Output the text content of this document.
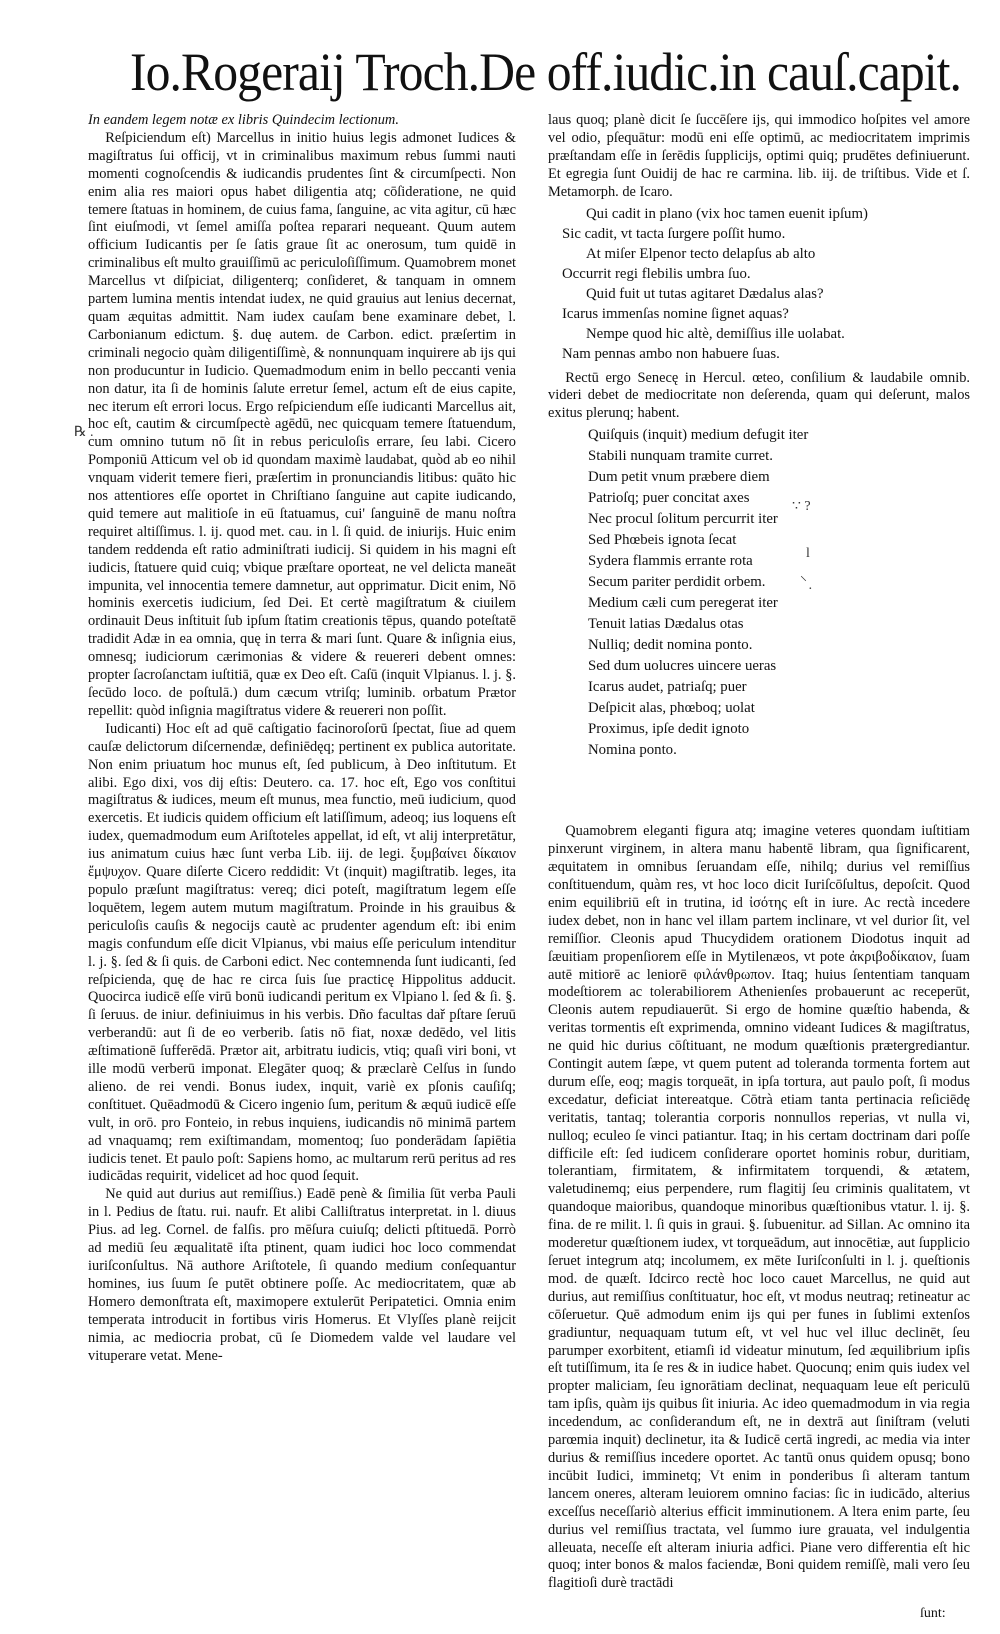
Io.Rogeraij Troch.De off.iudic.in cauſ.capit.

In eandem legem notæ ex libris Quindecim lectionum.

Reſpiciendum eſt) Marcellus in initio huius legis admonet Iudices & magiſtratus ſui officij, vt in criminalibus maximum rebus ſummi nauti momenti cognoſcendis & iudicandis prudentes ſint & circumſpecti. Non enim alia res maiori opus habet diligentia atq; cōſideratione, ne quid temere ſtatuas in hominem, de cuius fama, ſanguine, ac vita agitur, cū hæc ſint eiuſmodi, vt ſemel amiſſa poſtea reparari nequeant. Quum autem officium Iudicantis per ſe ſatis graue ſit ac onerosum, tum quidē in criminalibus eſt multo grauiſſimū ac periculoſiſſimum. Quamobrem monet Marcellus vt diſpiciat, diligenterq; conſideret, & tanquam in omnem partem lumina mentis intendat iudex, ne quid grauius aut lenius decernat, quam æquitas admittit. Nam iudex cauſam bene examinare debet, l. Carbonianum edictum. §. duę autem. de Carbon. edict. præſertim in criminali negocio quàm diligentiſſimè, & nonnunquam inquirere ab ijs qui non producuntur in Iudicio. Quemadmodum enim in bello peccanti venia non datur, ita ſi de hominis ſalute erretur ſemel, actum eſt de eius capite, nec iterum eſt errori locus. Ergo reſpiciendum eſſe iudicanti Marcellus ait, hoc eſt, cautim & circumſpectè agēdū, nec quicquam temere ſtatuendum, cum omnino tutum nō ſit in rebus periculoſis errare, ſeu labi. Cicero Pomponiū Atticum vel ob id quondam maximè laudabat, quòd ab eo nihil vnquam viderit temere fieri, præſertim in pronunciandis litibus: quāto hic nos attentiores eſſe oportet in Chriſtiano ſanguine aut capite iudicando, quid temere aut malitioſe in eū ſtatuamus, cui' ſanguinē de manu noſtra requiret altiſſimus. l. ij. quod met. cau. in l. ſi quid. de iniurijs. Huic enim tandem reddenda eſt ratio adminiſtrati iudicij. Si quidem in his magni eſt iudicis, ſtatuere quid cuiq; vbique præſtare oporteat, ne vel delicta maneāt impunita, vel innocentia temere damnetur, aut opprimatur. Dicit enim, Nō hominis exercetis iudicium, ſed Dei. Et certè magiſtratum & ciuilem ordinauit Deus inſtituit ſub ipſum ſtatim creationis tēpus, quando poteſtatē tradidit Adæ in ea omnia, quę in terra & mari ſunt. Quare & inſignia eius, omnesq; iudiciorum cærimonias & videre & reuereri debent omnes: propter ſacroſanctam iuſtitiā, quæ ex Deo eſt. Caſū (inquit Vlpianus. l. j. §. ſecūdo loco. de poſtulā.) dum cæcum vtriſq; luminib. orbatum Prætor repellit: quòd inſignia magiſtratus videre & reuereri non poſſit.

Iudicanti) Hoc eſt ad quē caſtigatio facinoroſorū ſpectat, ſiue ad quem cauſæ delictorum diſcernendæ, definiēdęq; pertinent ex publica autoritate. Non enim priuatum hoc munus eſt, ſed publicum, à Deo inſtitutum. Et alibi. Ego dixi, vos dij eſtis: Deutero. ca. 17. hoc eſt, Ego vos conſtitui magiſtratus & iudices, meum eſt munus, mea functio, meū iudicium, quod exercetis. Et iudicis quidem officium eſt latiſſimum, adeoq; ius loquens eſt iudex, quemadmodum eum Ariſtoteles appellat, id eſt, vt alij interpretātur, ius animatum cuius hæc ſunt verba Lib. iij. de legi. ξυμβαίνει δίκαιον ἔμψυχον. Quare diſerte Cicero reddidit: Vt (inquit) magiſtratib. leges, ita populo præſunt magiſtratus: vereq; dici poteſt, magiſtratum legem eſſe loquētem, legem autem mutum magiſtratum. Proinde in his grauibus & periculoſis cauſis & negocijs cautè ac prudenter agendum eſt: ibi enim magis confundum eſſe dicit Vlpianus, vbi maius eſſe periculum intenditur l. j. §. ſed & ſi quis. de Carboni edict. Nec contemnenda ſunt iudicanti, ſed reſpicienda, quę de hac re circa ſuis ſue practicę Hippolitus adducit. Quocirca iudicē eſſe virū bonū iudicandi peritum ex Vlpiano l. ſed & ſi. §. ſi ſeruus. de iniur. definiuimus in his verbis. Dño facultas dař pſtare ſeruū verberandū: aut ſi de eo verberib. ſatis nō fiat, noxæ dedēdo, vel litis æſtimationē ſufferēdā. Prætor ait, arbitratu iudicis, vtiq; quaſi viri boni, vt ille modū verberū imponat. Elegāter quoq; & præclarè Celſus in ſundo alieno. de rei vendi. Bonus iudex, inquit, variè ex pſonis cauſiſq; conſtituet. Quēadmodū & Cicero ingenio ſum, peritum & æquū iudicē eſſe vult, in orō. pro Fonteio, in rebus inquiens, iudicandis nō minimā partem ad vnaquamq; rem exiſtimandam, momentoq; ſuo ponderādam ſapiētia iudicis tenet. Et paulo poſt: Sapiens homo, ac multarum rerū peritus ad res iudicādas requirit, videlicet ad hoc quod ſequit.

Ne quid aut durius aut remiſſius.) Eadē penè & ſimilia ſūt verba Pauli in l. Pedius de ſtatu. rui. naufr. Et alibi Calliſtratus interpretat. in l. diuus Pius. ad leg. Cornel. de falſis. pro mēſura cuiuſq; delicti pſtituedā. Porrò ad mediū ſeu æqualitatē iſta ptinent, quam iudici hoc loco commendat iuriſconſultus. Nā authore Ariſtotele, ſi quando medium conſequantur homines, ius ſuum ſe putēt obtinere poſſe. Ac mediocritatem, quæ ab Homero demonſtrata eſt, maximopere extulerūt Peripatetici. Omnia enim temperata introducit in fortibus viris Homerus. Et Vlyſſes planè reijcit nimia, ac mediocria probat, cū ſe Diomedem valde vel laudare vel vituperare vetat. Mene-

laus quoq; planè dicit ſe ſuccēſere ijs, qui immodico hoſpites vel amore vel odio, pſequātur: modū eni eſſe optimū, ac mediocritatem imprimis præſtandam eſſe in ſerēdis ſupplicijs, optimi quiq; prudētes definiuerunt. Et egregia ſunt Ouidij de hac re carmina. lib. iij. de triſtibus. Vide et ſ. Metamorph. de Icaro.

Qui cadit in plano (vix hoc tamen euenit ipſum)
Sic cadit, vt tacta ſurgere poſſit humo.
At miſer Elpenor tecto delapſus ab alto
Occurrit regi flebilis umbra ſuo.
Quid fuit ut tutas agitaret Dædalus alas?
Icarus immenſas nomine ſignet aquas?
Nempe quod hic altè, demiſſius ille uolabat.
Nam pennas ambo non habuere ſuas.

Rectū ergo Senecę in Hercul. œteo, conſilium & laudabile omnib. videri debet de mediocritate non deſerenda, quam qui deſerunt, malos exitus plerunq; habent.

Quiſquis (inquit) medium defugit iter
Stabili nunquam tramite curret.
Dum petit vnum præbere diem
Patrioſq; puer concitat axes
Nec procul ſolitum percurrit iter
Sed Phœbeis ignota ſecat
Sydera flammis errante rota
Secum pariter perdidit orbem.
Medium cæli cum peregerat iter
Tenuit latias Dædalus otas
Nulliq; dedit nomina ponto.
Sed dum uolucres uincere ueras
Icarus audet, patriaſq; puer
Deſpicit alas, phœboq; uolat
Proximus, ipſe dedit ignoto
Nomina ponto.

Quamobrem eleganti figura atq; imagine veteres quondam iuſtitiam pinxerunt virginem, in altera manu habentē libram, qua ſignificarent, æquitatem in omnibus ſeruandam eſſe, nihilq; durius vel remiſſius conſtituendum, quàm res, vt hoc loco dicit Iuriſcōſultus, depoſcit. Quod enim equilibriū eſt in trutina, id ἰσότης eſt in iure. Ac rectà incedere iudex debet, non in hanc vel illam partem inclinare, vt vel durior ſit, vel remiſſior. Cleonis apud Thucydidem orationem Diodotus inquit ad ſæuitiam propenſiorem eſſe in Mytilenæos, vt pote ἀκριβοδίκαιον, ſuam autē mitiorē ac leniorē φιλάνθρωπον. Itaq; huius ſententiam tanquam modeſtiorem ac tolerabiliorem Athenienſes probauerunt ac receperūt, Cleonis autem repudiauerūt. Si ergo de homine quæſtio habenda, & veritas tormentis eſt exprimenda, omnino videant Iudices & magiſtratus, ne quid hic durius cōſtituant, ne modum quæſtionis prætergrediantur. Contingit autem ſæpe, vt quem putent ad toleranda tormenta fortem aut durum eſſe, eoq; magis torqueāt, in ipſa tortura, aut paulo poſt, ſi modus excedatur, deficiat intereatque. Cōtrà etiam tanta pertinacia reſiciēdę veritatis, tantaq; tolerantia corporis nonnullos reperias, vt nulla vi, nulloq; eculeo ſe vinci patiantur. Itaq; in his certam doctrinam dari poſſe difficile eſt: ſed iudicem conſiderare oportet hominis robur, duritiam, tolerantiam, firmitatem, & infirmitatem torquendi, & ætatem, valetudinemq; eius perpendere, rum flagitij ſeu criminis qualitatem, vt quandoque maioribus, quandoque minoribus quæſtionibus vtatur. l. ij. §. fina. de re milit. l. ſi quis in graui. §. ſubuenitur. ad Sillan. Ac omnino ita moderetur quæſtionem iudex, vt torqueādum, aut innocētiæ, aut ſupplicio ſeruet integrum atq; incolumem, ex mēte Iuriſconſulti in l. j. queſtionis mod. de quæſt. Idcirco rectè hoc loco cauet Marcellus, ne quid aut durius, aut remiſſius conſtituatur, hoc eſt, vt modus neutraq; retineatur ac cōſeruetur. Quē admodum enim ijs qui per funes in ſublimi extenſos gradiuntur, nequaquam tutum eſt, vt vel huc vel illuc declinēt, ſeu parumper exorbitent, etiamſi id videatur minutum, ſed æquilibrium ipſis eſt tutiſſimum, ita ſe res & in iudice habet. Quocunq; enim quis iudex vel propter maliciam, ſeu ignorātiam declinat, nequaquam leue eſt periculū tam ipſis, quàm ijs quibus ſit iniuria. Ac ideo quemadmodum in via regia incedendum, ac conſiderandum eſt, ne in dextrā aut ſiniſtram (veluti parœmia inquit) declinetur, ita & Iudicē certā ingredi, ac media via inter durius & remiſſius incedere oportet. Ac tantū onus quidem opusq; bono incūbit Iudici, imminetq; Vt enim in ponderibus ſi alteram tantum lancem oneres, alteram leuiorem omnino facias: ſic in iudicādo, alterius exceſſus neceſſariò alterius efficit imminutionem. A ltera enim parte, ſeu durius vel remiſſius tractata, vel ſummo iure grauata, vel indulgentia alleuata, neceſſe eſt alteram iniuria adfici. Piane vero differentia eſt hic quoq; inter bonos & malos faciendæ, Boni quidem remiſſè, mali vero ſeu flagitioſi durè tractādi

℞ .
∵ ?
l
⸜
·
ſunt:
